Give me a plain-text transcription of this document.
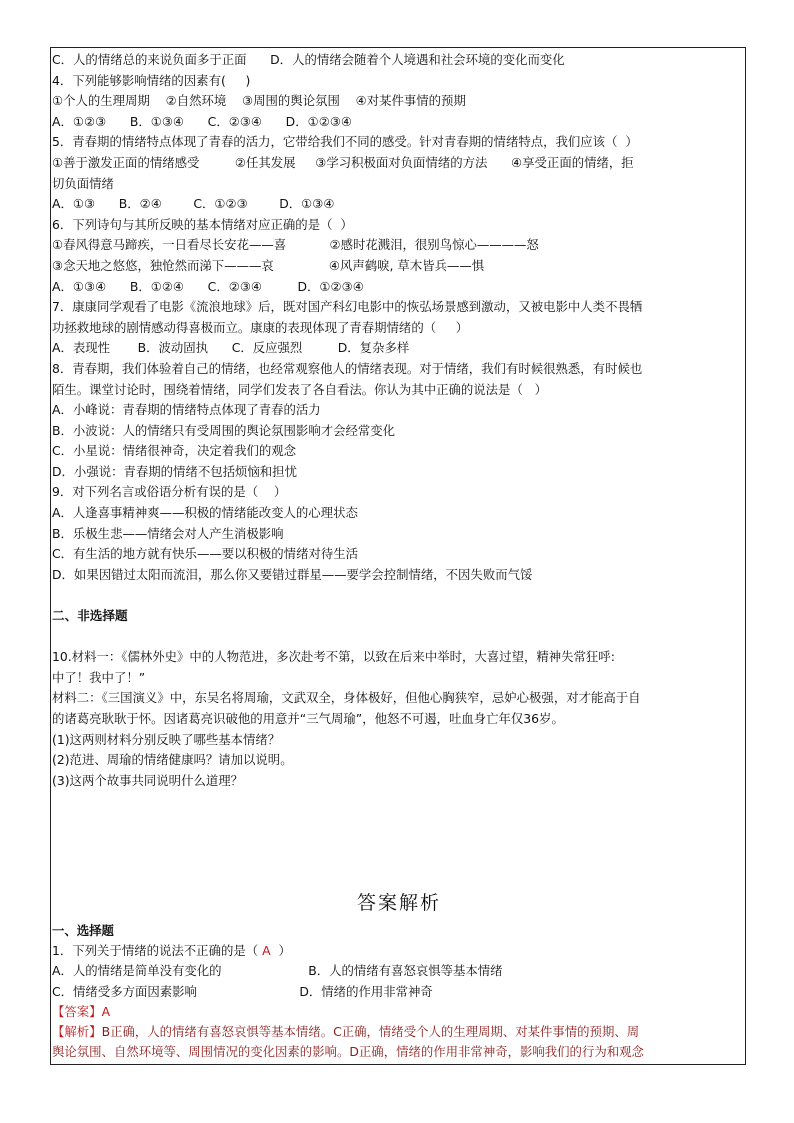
C．人的情绪总的来说负面多于正面      D．人的情绪会随着个人境遇和社会环境的变化而变化
4．下列能够影响情绪的因素有(     )
①个人的生理周期    ②自然环境    ③周围的舆论氛围    ④对某件事情的预期
A．①②③      B．①③④      C．②③④      D．①②③④
5．青春期的情绪特点体现了青春的活力，它带给我们不同的感受。针对青春期的情绪特点，我们应该（  ）
①善于激发正面的情绪感受         ②任其发展     ③学习积极面对负面情绪的方法      ④享受正面的情绪，拒
切负面情绪
A．①③      B．②④        C．①②③        D．①③④
6．下列诗句与其所反映的基本情绪对应正确的是（  ）
①春风得意马蹄疾，一日看尽长安花——喜           ②感时花溅泪，很别鸟惊心————怒
③念天地之悠悠，独怆然而涕下———哀              ④风声鹤唳, 草木皆兵——惧
A．①③④      B．①②④      C．②③④         D．①②③④
7．康康同学观看了电影《流浪地球》后，既对国产科幻电影中的恢弘场景感到激动，又被电影中人类不畏牺
功拯救地球的剧情感动得喜极而立。康康的表现体现了青春期情绪的（     ）
A．表现性       B．波动固执      C．反应强烈         D．复杂多样
8．青春期，我们体验着自己的情绪，也经常观察他人的情绪表现。对于情绪，我们有时候很熟悉，有时候也
陌生。课堂讨论时，围绕着情绪，同学们发表了各自看法。你认为其中正确的说法是（   ）
A．小峰说：青春期的情绪特点体现了青春的活力
B．小波说：人的情绪只有受周围的舆论氛围影响才会经常变化
C．小星说：情绪很神奇，决定着我们的观念
D．小强说：青春期的情绪不包括烦恼和担忧
9．对下列名言或俗语分析有误的是（    ）
A．人逢喜事精神爽——积极的情绪能改变人的心理状态
B．乐极生悲——情绪会对人产生消极影响
C．有生活的地方就有快乐——要以积极的情绪对待生活
D．如果因错过太阳而流泪，那么你又要错过群星——要学会控制情绪，不因失败而气馁
二、非选择题
10.材料一：《儒林外史》中的人物范进，多次赴考不第，以致在后来中举时，大喜过望，精神失常狂呼:
中了！我中了！”
材料二：《三国演义》中，东吴名将周瑜，文武双全，身体极好，但他心胸狭窄，忌妒心极强，对才能高于自
的诸葛亮耿耿于怀。因诸葛亮识破他的用意并“三气周瑜”，他怒不可遏，吐血身亡年仅36岁。
(1)这两则材料分别反映了哪些基本情绪？
(2)范进、周瑜的情绪健康吗？请加以说明。
(3)这两个故事共同说明什么道理？
答案解析
一、选择题
1．下列关于情绪的说法不正确的是（ A  ）
A．人的情绪是简单没有变化的                      B．人的情绪有喜怒哀惧等基本情绪
C．情绪受多方面因素影响                          D．情绪的作用非常神奇
【答案】A
【解析】B正确，人的情绪有喜怒哀惧等基本情绪。C正确，情绪受个人的生理周期、对某件事情的预期、周
舆论氛围、自然环境等、周围情况的变化因素的影响。D正确，情绪的作用非常神奇，影响我们的行为和观念
